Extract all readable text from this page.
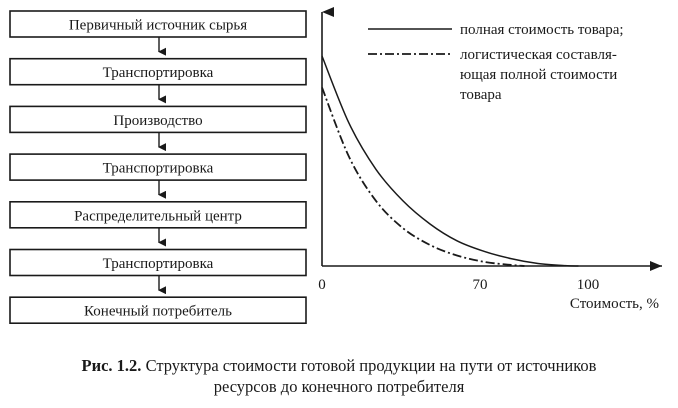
Первичный источник сырья
Транспортировка
Производство
Транспортировка
Распределительный центр
Транспортировка
Конечный потребитель
полная стоимость товара;
логистическая составля-
ющая полной стоимости
товара
0	70	100
Стоимость, %
Рис. 1.2. Структура стоимости готовой продукции на пути от источников
ресурсов до конечного потребителя
